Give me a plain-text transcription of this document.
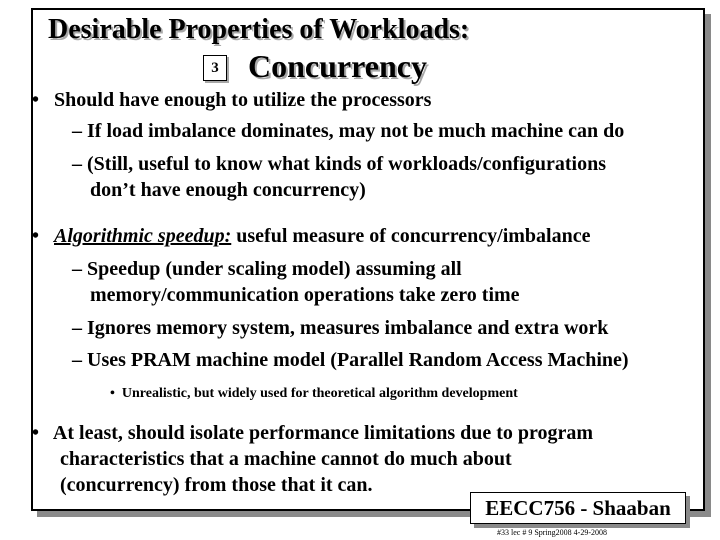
Desirable Properties of Workloads:
3 Concurrency
• Should have enough to utilize the processors
– If load imbalance dominates, may not be much machine can do
– (Still, useful to know what kinds of workloads/configurations
don’t have enough concurrency)
• Algorithmic speedup: useful measure of concurrency/imbalance
– Speedup (under scaling model) assuming all
memory/communication operations take zero time
– Ignores memory system, measures imbalance and extra work
– Uses PRAM machine model (Parallel Random Access Machine)
• Unrealistic, but widely used for theoretical algorithm development
• At least, should isolate performance limitations due to program
characteristics that a machine cannot do much about
(concurrency) from those that it can.
EECC756 - Shaaban
#33 lec # 9 Spring2008 4-29-2008
